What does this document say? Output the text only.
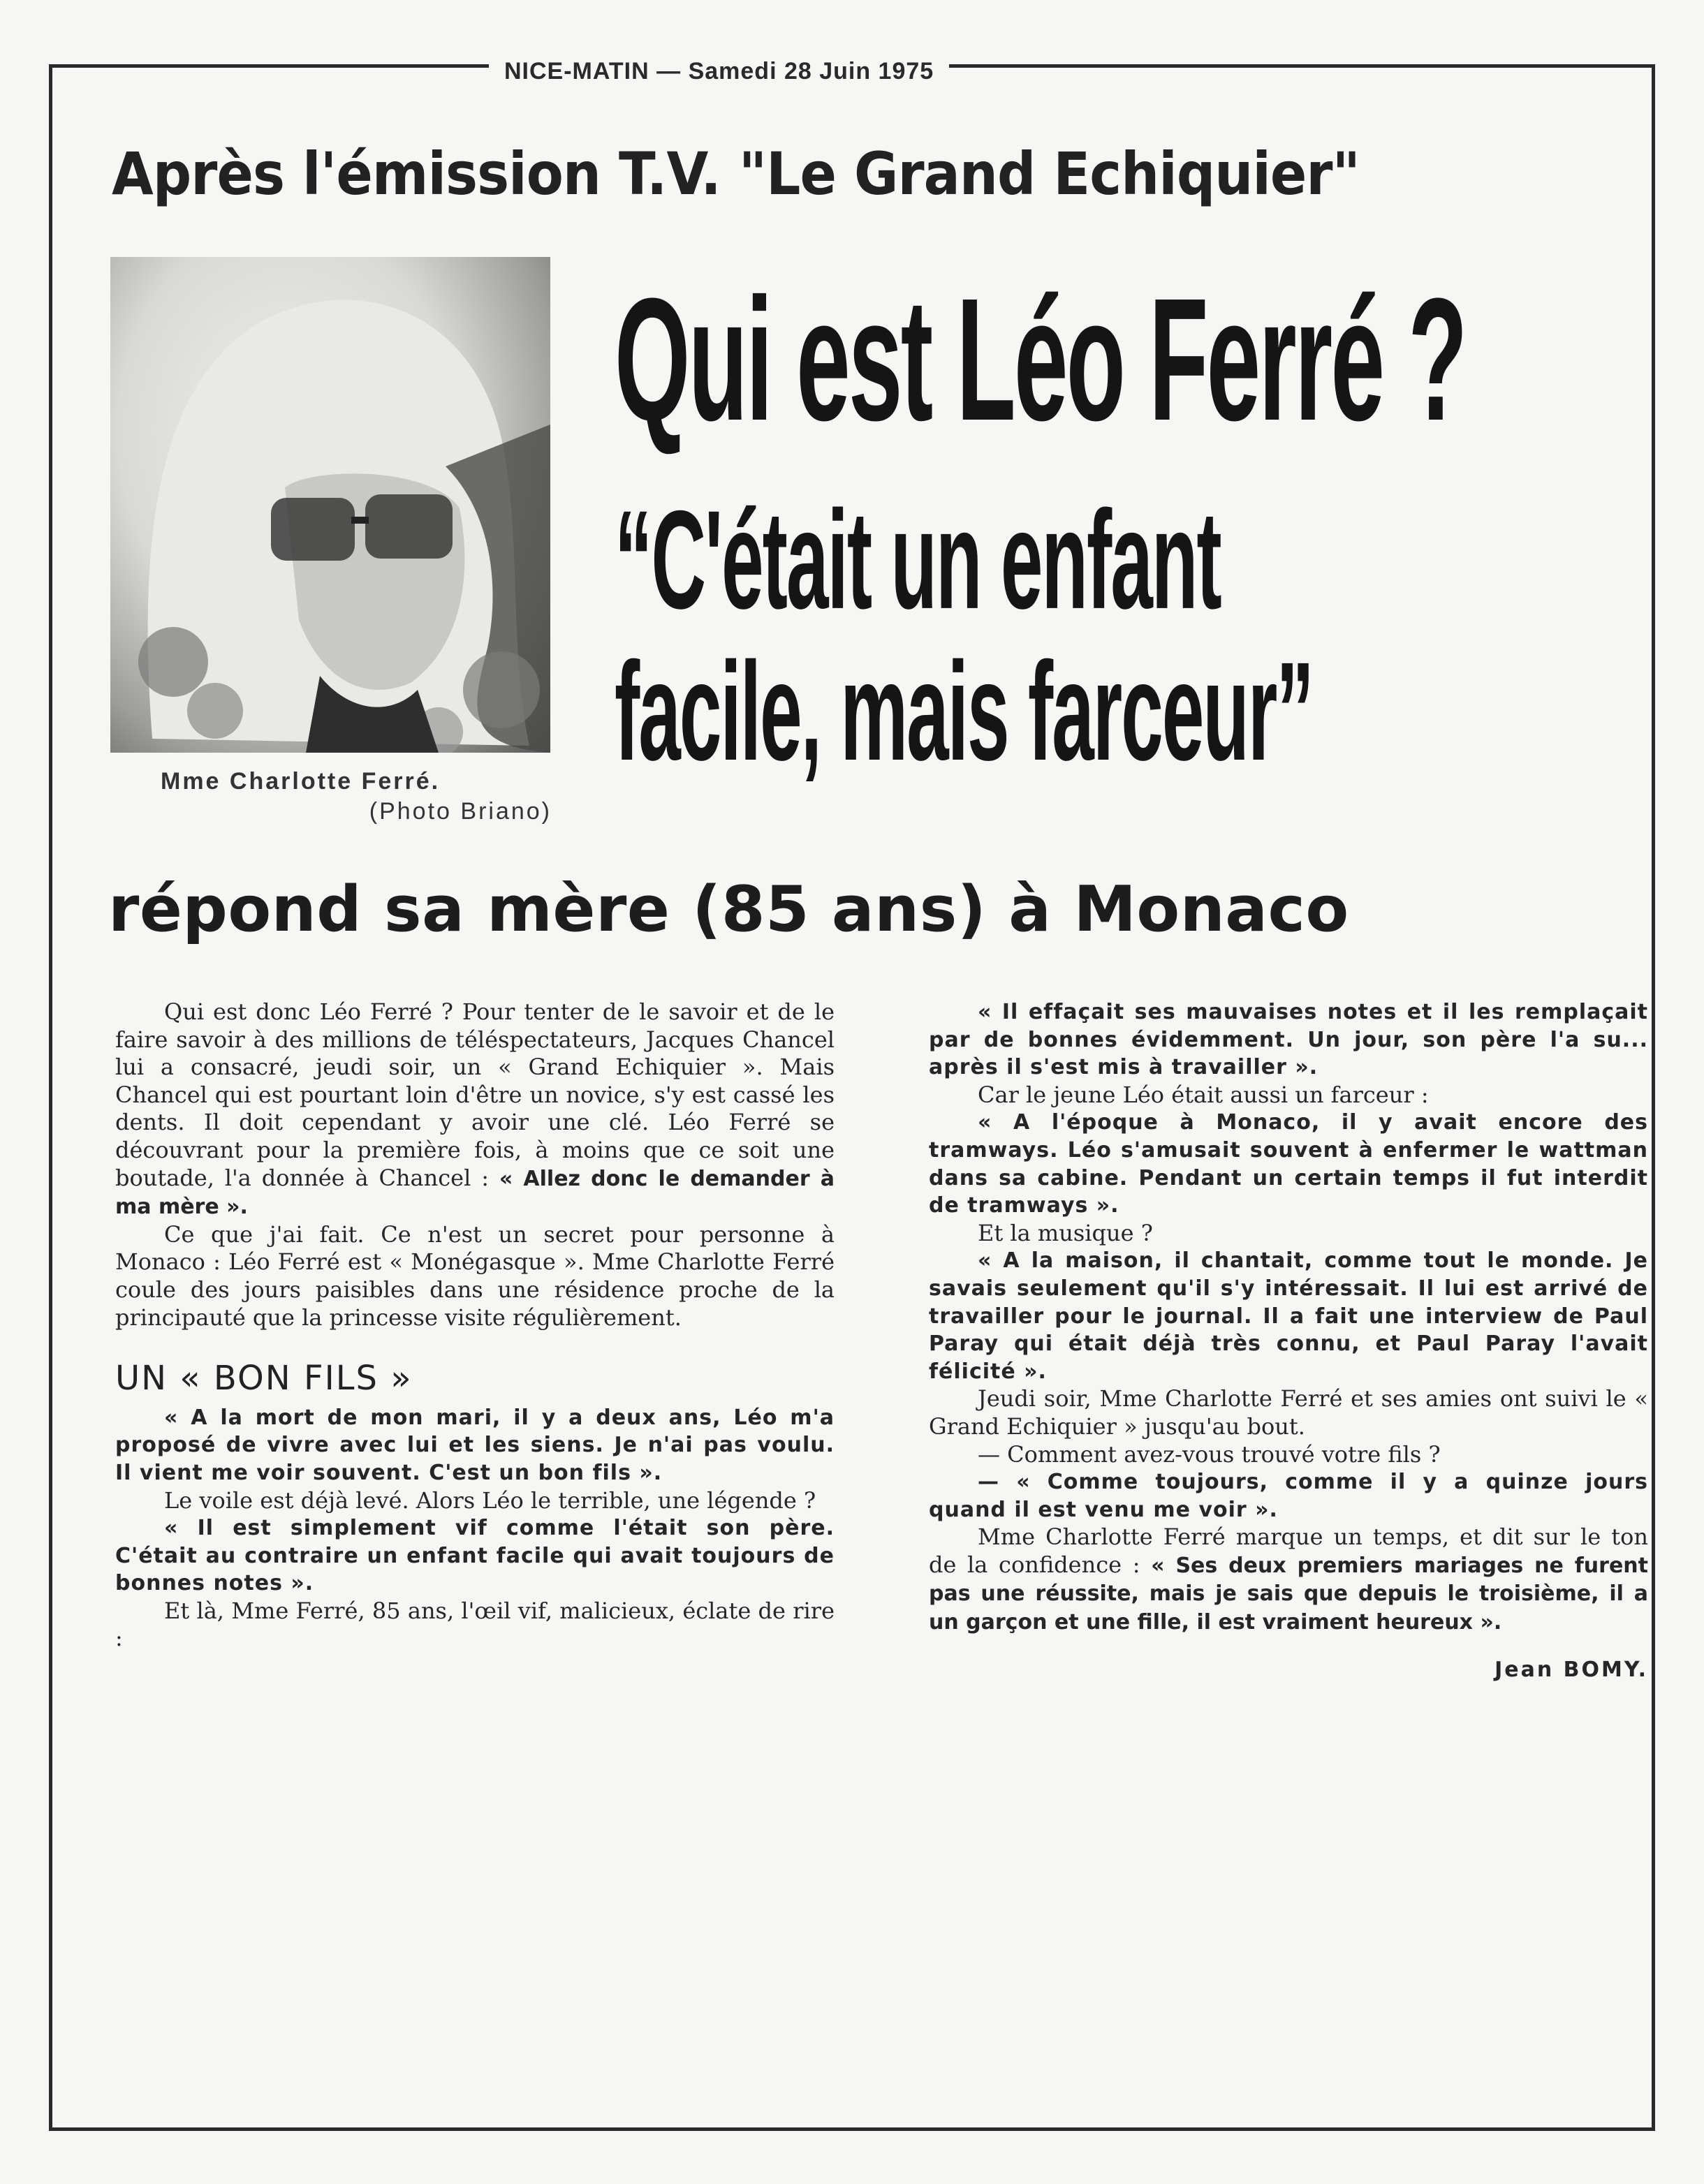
NICE-MATIN — Samedi 28 Juin 1975
Après l'émission T.V. "Le Grand Echiquier"
Mme Charlotte Ferré.
(Photo Briano)
Qui est Léo Ferré ?
“C'était un enfant
facile, mais farceur”
répond sa mère (85 ans) à Monaco

Qui est donc Léo Ferré ? Pour tenter de le savoir et de le faire savoir à des millions de téléspectateurs, Jacques Chancel lui a consacré, jeudi soir, un « Grand Echiquier ». Mais Chancel qui est pourtant loin d'être un novice, s'y est cassé les dents. Il doit cependant y avoir une clé. Léo Ferré se découvrant pour la première fois, à moins que ce soit une boutade, l'a donnée à Chancel : « Allez donc le demander à ma mère ».

Ce que j'ai fait. Ce n'est un secret pour personne à Monaco : Léo Ferré est « Monégasque ». Mme Charlotte Ferré coule des jours paisibles dans une résidence proche de la principauté que la princesse visite régulièrement.

UN « BON FILS »

« A la mort de mon mari, il y a deux ans, Léo m'a proposé de vivre avec lui et les siens. Je n'ai pas voulu. Il vient me voir souvent. C'est un bon fils ».

Le voile est déjà levé. Alors Léo le terrible, une légende ?

« Il est simplement vif comme l'était son père. C'était au contraire un enfant facile qui avait toujours de bonnes notes ».

Et là, Mme Ferré, 85 ans, l'œil vif, malicieux, éclate de rire :

« Il effaçait ses mauvaises notes et il les remplaçait par de bonnes évidemment. Un jour, son père l'a su... après il s'est mis à travailler ».

Car le jeune Léo était aussi un farceur :

« A l'époque à Monaco, il y avait encore des tramways. Léo s'amusait souvent à enfermer le wattman dans sa cabine. Pendant un certain temps il fut interdit de tramways ».

Et la musique ?

« A la maison, il chantait, comme tout le monde. Je savais seulement qu'il s'y intéressait. Il lui est arrivé de travailler pour le journal. Il a fait une interview de Paul Paray qui était déjà très connu, et Paul Paray l'avait félicité ».

Jeudi soir, Mme Charlotte Ferré et ses amies ont suivi le « Grand Echiquier » jusqu'au bout.

— Comment avez-vous trouvé votre fils ?

— « Comme toujours, comme il y a quinze jours quand il est venu me voir ».

Mme Charlotte Ferré marque un temps, et dit sur le ton de la confidence : « Ses deux premiers mariages ne furent pas une réussite, mais je sais que depuis le troisième, il a un garçon et une fille, il est vraiment heureux ».

Jean BOMY.
